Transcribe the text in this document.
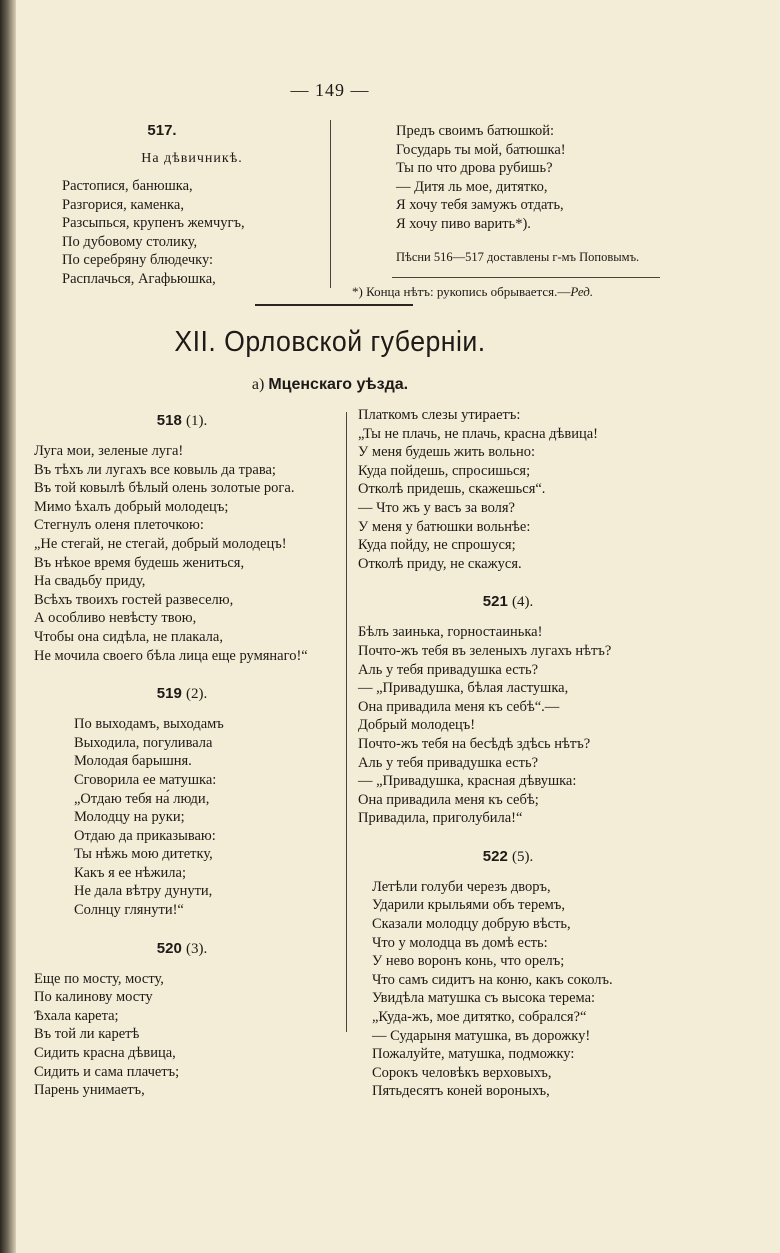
— 149 —
517.
На дѣвичникѣ.
Растопися, банюшка,
Разгорися, каменка,
Разсыпься, крупенъ жемчугъ,
По дубовому столику,
По серебряну блюдечку:
Расплачься, Агафьюшка,
Предъ своимъ батюшкой:
Государь ты мой, батюшка!
Ты по что дрова рубишь?
— Дитя ль мое, дитятко,
Я хочу тебя замужъ отдать,
Я хочу пиво варить*).
Пѣсни 516—517 доставлены г-мъ Поповымъ.
*) Конца нѣтъ: рукопись обрывается.—Ред.
XII. Орловской губерніи.
а) Мценскаго уѣзда.
518 (1).
Луга мои, зеленые луга!
Въ тѣхъ ли лугахъ все ковыль да трава;
Въ той ковылѣ бѣлый олень золотые рога.
Мимо ѣхалъ добрый молодецъ;
Стегнулъ оленя плеточкою:
„Не стегай, не стегай, добрый молодецъ!
Въ нѣкое время будешь жениться,
На свадьбу приду,
Всѣхъ твоихъ гостей развеселю,
А особливо невѣсту твою,
Чтобы она сидѣла, не плакала,
Не мочила своего бѣла лица еще румянаго!“
519 (2).
По выходамъ, выходамъ
Выходила, погуливала
Молодая барышня.
Сговорила ее матушка:
„Отдаю тебя на́ люди,
Молодцу на руки;
Отдаю да приказываю:
Ты нѣжь мою дитетку,
Какъ я ее нѣжила;
Не дала вѣтру дунути,
Солнцу глянути!“
520 (3).
Еще по мосту, мосту,
По калинову мосту
Ѣхала карета;
Въ той ли каретѣ
Сидить красна дѣвица,
Сидить и сама плачетъ;
Парень унимаетъ,
Платкомъ слезы утираетъ:
„Ты не плачь, не плачь, красна дѣвица!
У меня будешь жить вольно:
Куда пойдешь, спросишься;
Отколѣ придешь, скажешься“.
— Что жъ у васъ за воля?
У меня у батюшки вольнѣе:
Куда пойду, не спрошуся;
Отколѣ приду, не скажуся.
521 (4).
Бѣлъ заинька, горностаинька!
Почто-жъ тебя въ зеленыхъ лугахъ нѣтъ?
Аль у тебя привадушка есть?
— „Привадушка, бѣлая ластушка,
Она привадила меня къ себѣ“.—
Добрый молодецъ!
Почто-жъ тебя на бесѣдѣ здѣсь нѣтъ?
Аль у тебя привадушка есть?
— „Привадушка, красная дѣвушка:
Она привадила меня къ себѣ;
Привадила, приголубила!“
522 (5).
Летѣли голуби черезъ дворъ,
Ударили крыльями объ теремъ,
Сказали молодцу добрую вѣсть,
Что у молодца въ домѣ есть:
У нево воронъ конь, что орелъ;
Что самъ сидитъ на коню, какъ соколъ.
Увидѣла матушка съ высока терема:
„Куда-жъ, мое дитятко, собрался?“
— Сударыня матушка, въ дорожку!
Пожалуйте, матушка, подможку:
Сорокъ человѣкъ верховыхъ,
Пятьдесятъ коней вороныхъ,
